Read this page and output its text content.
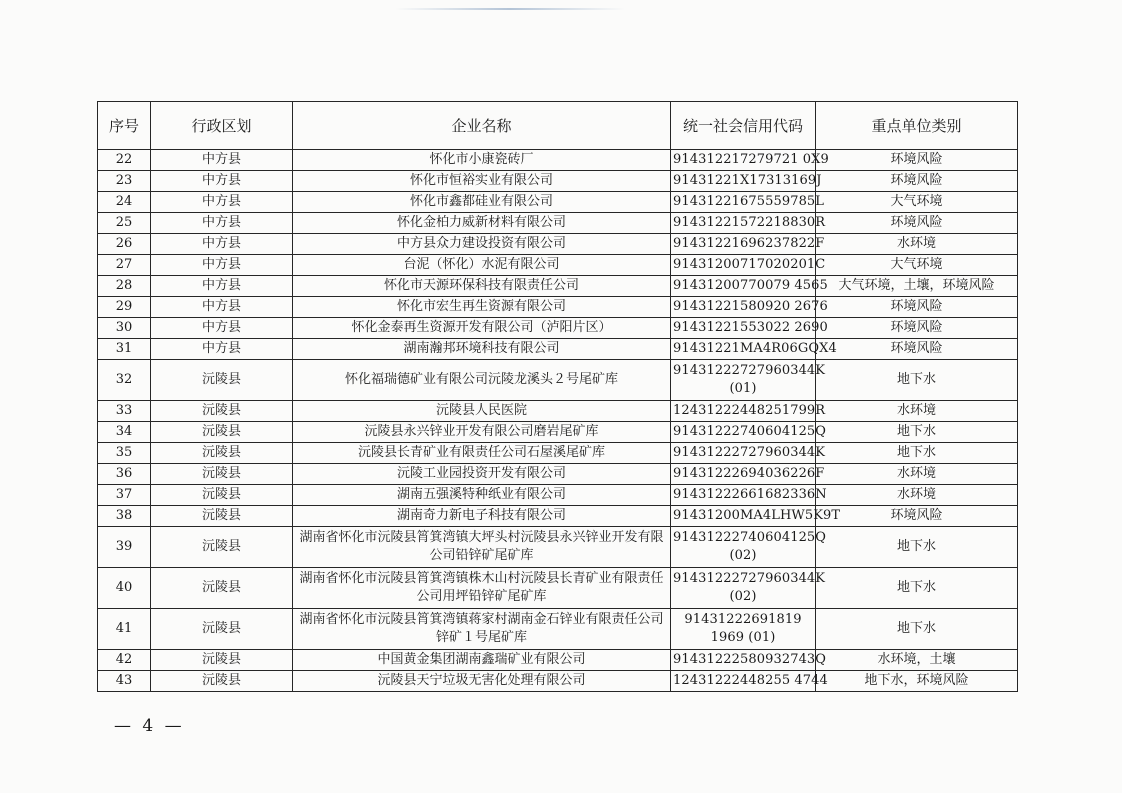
序号	行政区划	企业名称	统一社会信用代码	重点单位类别
22	中方县	怀化市小康瓷砖厂	914312217279721 0X9	环境风险
23	中方县	怀化市恒裕实业有限公司	91431221X17313169J	环境风险
24	中方县	怀化市鑫都硅业有限公司	91431221675559785L	大气环境
25	中方县	怀化金柏力威新材料有限公司	91431221572218830R	环境风险
26	中方县	中方县众力建设投资有限公司	91431221696237822F	水环境
27	中方县	台泥（怀化）水泥有限公司	91431200717020201C	大气环境
28	中方县	怀化市天源环保科技有限责任公司	91431200770079 4565	大气环境，土壤，环境风险
29	中方县	怀化市宏生再生资源有限公司	91431221580920 2676	环境风险
30	中方县	怀化金泰再生资源开发有限公司（泸阳片区）	91431221553022 2690	环境风险
31	中方县	湖南瀚邦环境科技有限公司	91431221MA4R06GQX4	环境风险
32	沅陵县	怀化福瑞德矿业有限公司沅陵龙溪头２号尾矿库	91431222727960344K (01)	地下水
33	沅陵县	沅陵县人民医院	12431222448251799R	水环境
34	沅陵县	沅陵县永兴锌业开发有限公司磨岩尾矿库	91431222740604125Q	地下水
35	沅陵县	沅陵县长青矿业有限责任公司石屋溪尾矿库	91431222727960344K	地下水
36	沅陵县	沅陵工业园投资开发有限公司	91431222694036226F	水环境
37	沅陵县	湖南五强溪特种纸业有限公司	91431222661682336N	水环境
38	沅陵县	湖南奇力新电子科技有限公司	91431200MA4LHW5K9T	环境风险
39	沅陵县	湖南省怀化市沅陵县筲箕湾镇大坪头村沅陵县永兴锌业开发有限公司铅锌矿尾矿库	91431222740604125Q (02)	地下水
40	沅陵县	湖南省怀化市沅陵县筲箕湾镇株木山村沅陵县长青矿业有限责任公司用坪铅锌矿尾矿库	91431222727960344K (02)	地下水
41	沅陵县	湖南省怀化市沅陵县筲箕湾镇蒋家村湖南金石锌业有限责任公司锌矿１号尾矿库	91431222691819 1969 (01)	地下水
42	沅陵县	中国黄金集团湖南鑫瑞矿业有限公司	91431222580932743Q	水环境，土壤
43	沅陵县	沅陵县天宁垃圾无害化处理有限公司	12431222448255 4744	地下水，环境风险
— 4 —
